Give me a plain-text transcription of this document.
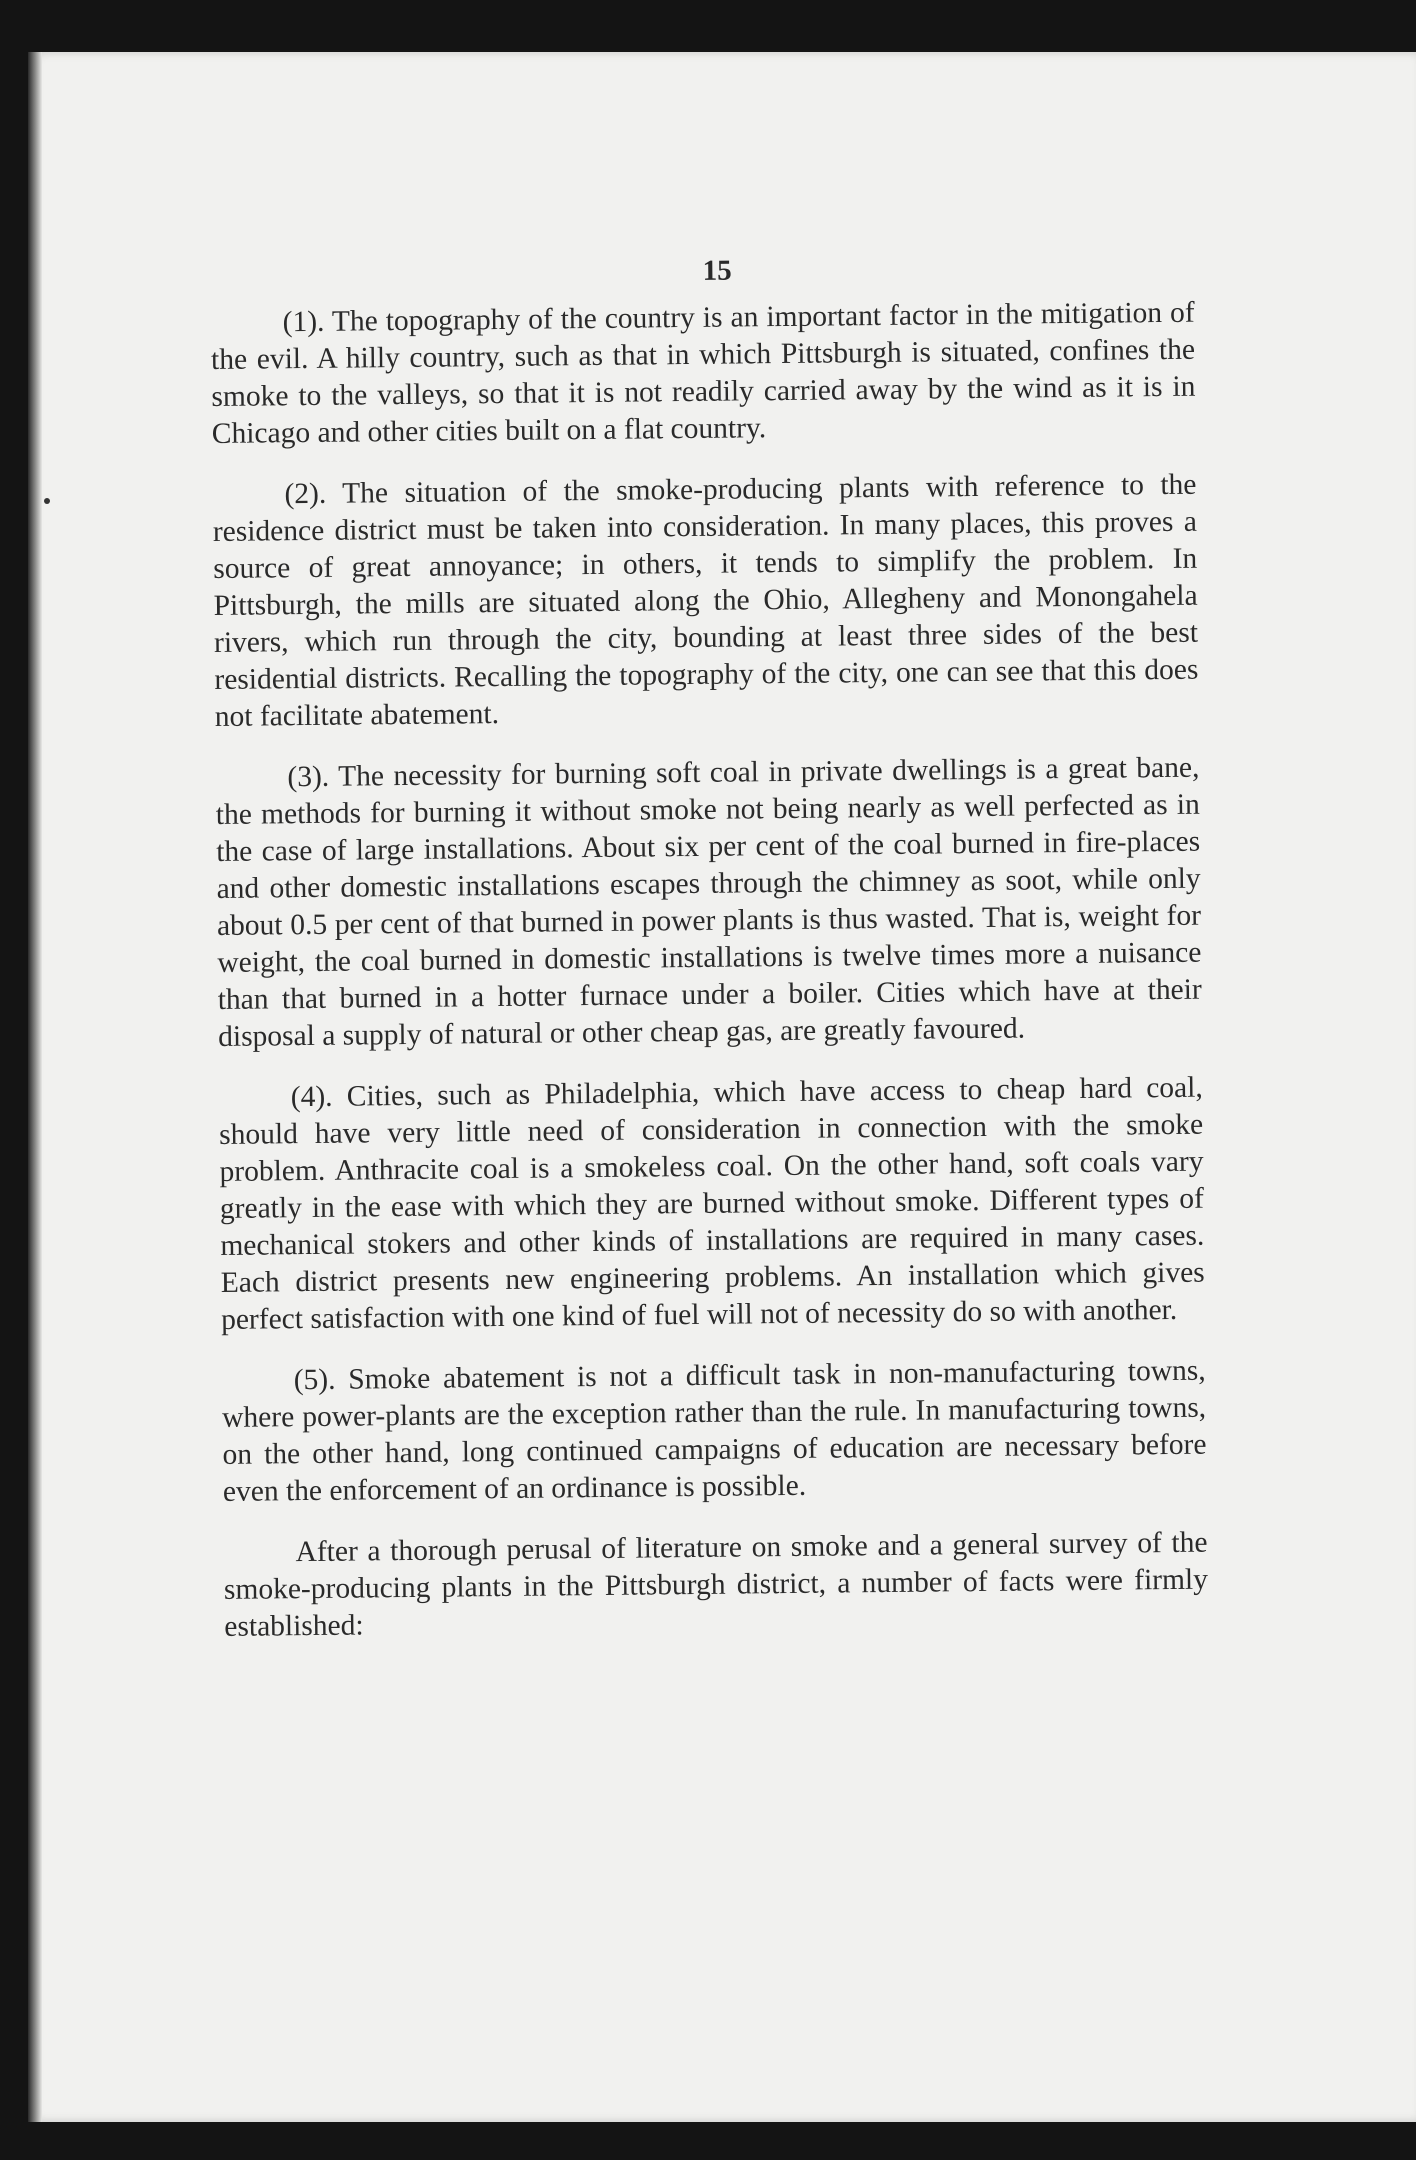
15

(1). The topography of the country is an important factor in the mitigation of the evil. A hilly country, such as that in which Pittsburgh is situated, confines the smoke to the valleys, so that it is not readily carried away by the wind as it is in Chicago and other cities built on a flat country.

(2). The situation of the smoke-producing plants with reference to the residence district must be taken into consideration. In many places, this proves a source of great annoyance; in others, it tends to simplify the problem. In Pittsburgh, the mills are situated along the Ohio, Allegheny and Monongahela rivers, which run through the city, bounding at least three sides of the best residential districts. Recalling the topography of the city, one can see that this does not facilitate abatement.

(3). The necessity for burning soft coal in private dwellings is a great bane, the methods for burning it without smoke not being nearly as well perfected as in the case of large installations. About six per cent of the coal burned in fire-places and other domestic installations escapes through the chimney as soot, while only about 0.5 per cent of that burned in power plants is thus wasted. That is, weight for weight, the coal burned in domestic installations is twelve times more a nuisance than that burned in a hotter furnace under a boiler. Cities which have at their disposal a supply of natural or other cheap gas, are greatly favoured.

(4). Cities, such as Philadelphia, which have access to cheap hard coal, should have very little need of consideration in connection with the smoke problem. Anthracite coal is a smokeless coal. On the other hand, soft coals vary greatly in the ease with which they are burned without smoke. Different types of mechanical stokers and other kinds of installations are required in many cases. Each district presents new engineering problems. An installation which gives perfect satisfaction with one kind of fuel will not of necessity do so with another.

(5). Smoke abatement is not a difficult task in non-manufacturing towns, where power-plants are the exception rather than the rule. In manufacturing towns, on the other hand, long continued campaigns of education are necessary before even the enforcement of an ordinance is possible.

After a thorough perusal of literature on smoke and a general survey of the smoke-producing plants in the Pittsburgh district, a number of facts were firmly established:
